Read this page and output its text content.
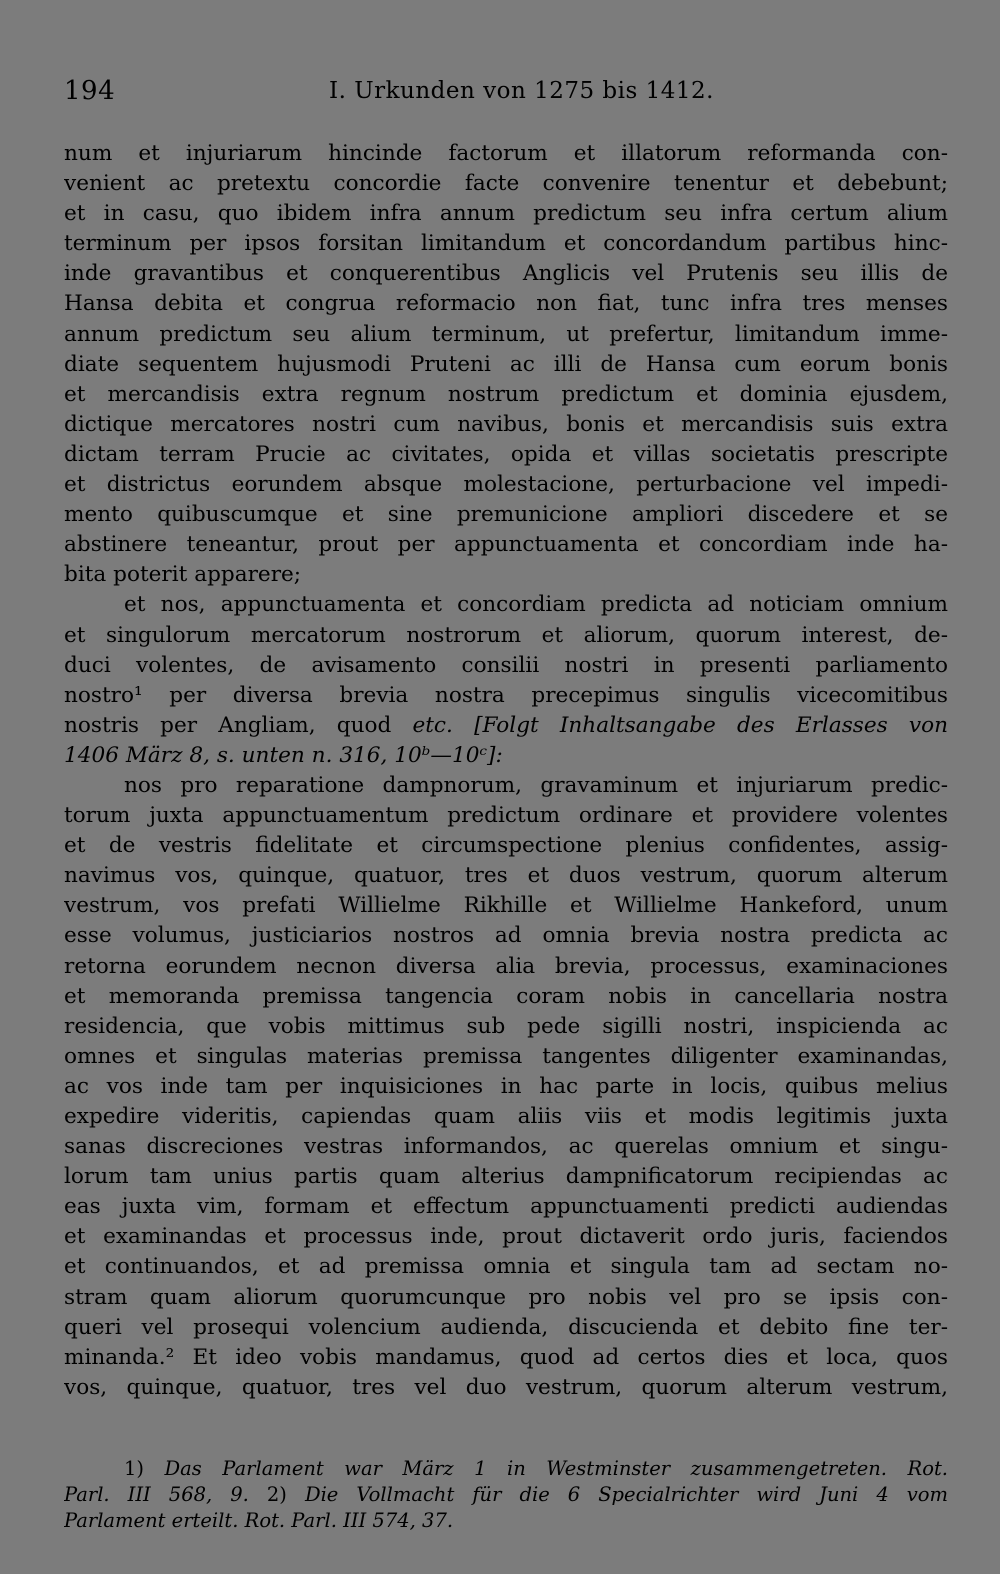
194	I. Urkunden von 1275 bis 1412.
num et injuriarum hincinde factorum et illatorum reformanda con-
venient ac pretextu concordie facte convenire tenentur et debebunt;
et in casu, quo ibidem infra annum predictum seu infra certum alium
terminum per ipsos forsitan limitandum et concordandum partibus hinc-
inde gravantibus et conquerentibus Anglicis vel Prutenis seu illis de
Hansa debita et congrua reformacio non fiat, tunc infra tres menses
annum predictum seu alium terminum, ut prefertur, limitandum imme-
diate sequentem hujusmodi Pruteni ac illi de Hansa cum eorum bonis
et mercandisis extra regnum nostrum predictum et dominia ejusdem,
dictique mercatores nostri cum navibus, bonis et mercandisis suis extra
dictam terram Prucie ac civitates, opida et villas societatis prescripte
et districtus eorundem absque molestacione, perturbacione vel impedi-
mento quibuscumque et sine premunicione ampliori discedere et se
abstinere teneantur, prout per appunctuamenta et concordiam inde ha-
bita poterit apparere;
et nos, appunctuamenta et concordiam predicta ad noticiam omnium
et singulorum mercatorum nostrorum et aliorum, quorum interest, de-
duci volentes, de avisamento consilii nostri in presenti parliamento
nostro¹ per diversa brevia nostra precepimus singulis vicecomitibus
nostris per Angliam, quod etc. [Folgt Inhaltsangabe des Erlasses von
1406 März 8, s. unten n. 316, 10ᵇ—10ᶜ]:
nos pro reparatione dampnorum, gravaminum et injuriarum predic-
torum juxta appunctuamentum predictum ordinare et providere volentes
et de vestris fidelitate et circumspectione plenius confidentes, assig-
navimus vos, quinque, quatuor, tres et duos vestrum, quorum alterum
vestrum, vos prefati Willielme Rikhille et Willielme Hankeford, unum
esse volumus, justiciarios nostros ad omnia brevia nostra predicta ac
retorna eorundem necnon diversa alia brevia, processus, examinaciones
et memoranda premissa tangencia coram nobis in cancellaria nostra
residencia, que vobis mittimus sub pede sigilli nostri, inspicienda ac
omnes et singulas materias premissa tangentes diligenter examinandas,
ac vos inde tam per inquisiciones in hac parte in locis, quibus melius
expedire videritis, capiendas quam aliis viis et modis legitimis juxta
sanas discreciones vestras informandos, ac querelas omnium et singu-
lorum tam unius partis quam alterius dampnificatorum recipiendas ac
eas juxta vim, formam et effectum appunctuamenti predicti audiendas
et examinandas et processus inde, prout dictaverit ordo juris, faciendos
et continuandos, et ad premissa omnia et singula tam ad sectam no-
stram quam aliorum quorumcunque pro nobis vel pro se ipsis con-
queri vel prosequi volencium audienda, discucienda et debito fine ter-
minanda.² Et ideo vobis mandamus, quod ad certos dies et loca, quos
vos, quinque, quatuor, tres vel duo vestrum, quorum alterum vestrum,
1) Das Parlament war März 1 in Westminster zusammengetreten. Rot.
Parl. III 568, 9. 2) Die Vollmacht für die 6 Specialrichter wird Juni 4 vom
Parlament erteilt. Rot. Parl. III 574, 37.
